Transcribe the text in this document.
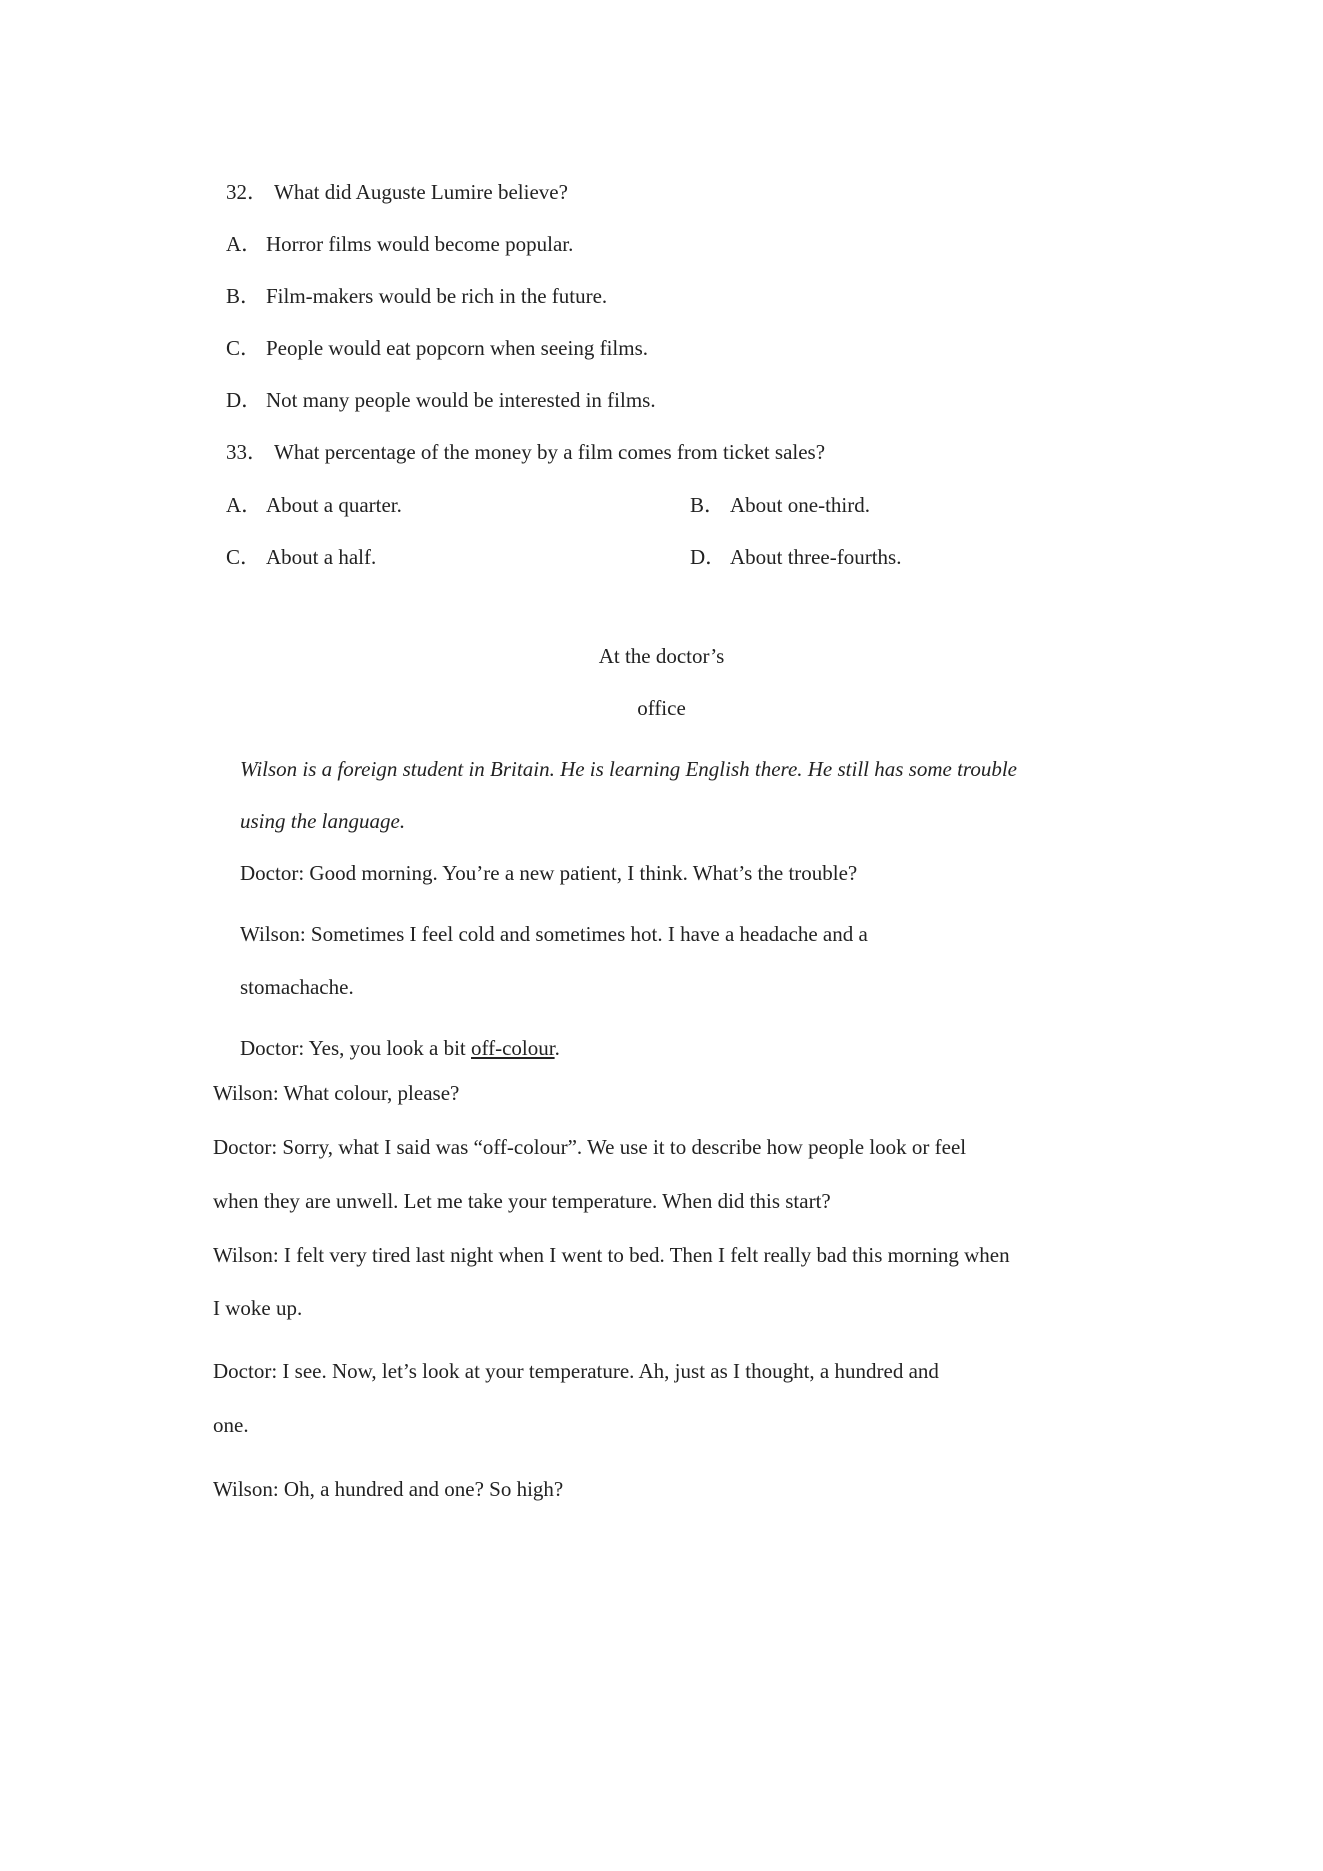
32． What did Auguste Lumire believe?
A． Horror films would become popular.
B． Film-makers would be rich in the future.
C． People would eat popcorn when seeing films.
D． Not many people would be interested in films.
33． What percentage of the money by a film comes from ticket sales?
A． About a quarter.	B． About one-third.
C． About a half.	D． About three-fourths.
At the doctor’s
office
Wilson is a foreign student in Britain. He is learning English there. He still has some trouble
using the language.
Doctor: Good morning. You’re a new patient, I think. What’s the trouble?
Wilson: Sometimes I feel cold and sometimes hot. I have a headache and a
stomachache.
Doctor: Yes, you look a bit off-colour.
Wilson: What colour, please?
Doctor: Sorry, what I said was “off-colour”. We use it to describe how people look or feel
when they are unwell. Let me take your temperature. When did this start?
Wilson: I felt very tired last night when I went to bed. Then I felt really bad this morning when
I woke up.
Doctor: I see. Now, let’s look at your temperature. Ah, just as I thought, a hundred and
one.
Wilson: Oh, a hundred and one? So high?
